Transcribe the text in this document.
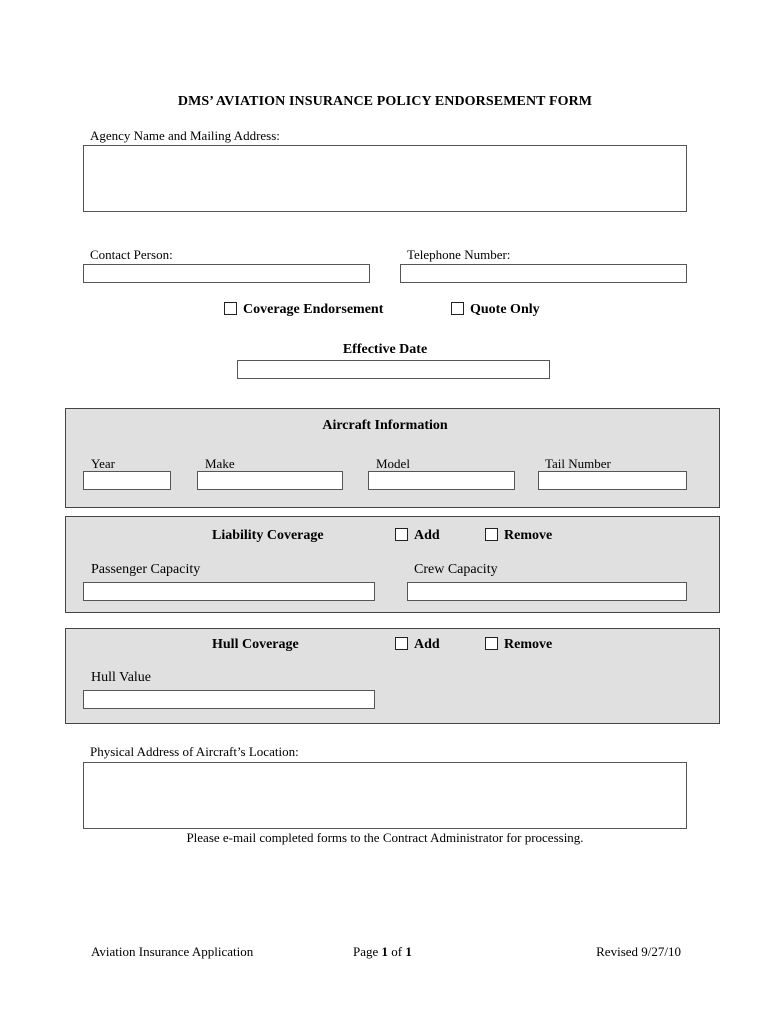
DMS’ AVIATION INSURANCE POLICY ENDORSEMENT FORM
Agency Name and Mailing Address:
Contact Person:	Telephone Number:
Coverage Endorsement	Quote Only
Effective Date
Aircraft Information
Year	Make	Model	Tail Number
Liability Coverage	Add	Remove
Passenger Capacity	Crew Capacity
Hull Coverage	Add	Remove
Hull Value
Physical Address of Aircraft’s Location:
Please e-mail completed forms to the Contract Administrator for processing.
Aviation Insurance Application	Page 1 of 1	Revised 9/27/10
